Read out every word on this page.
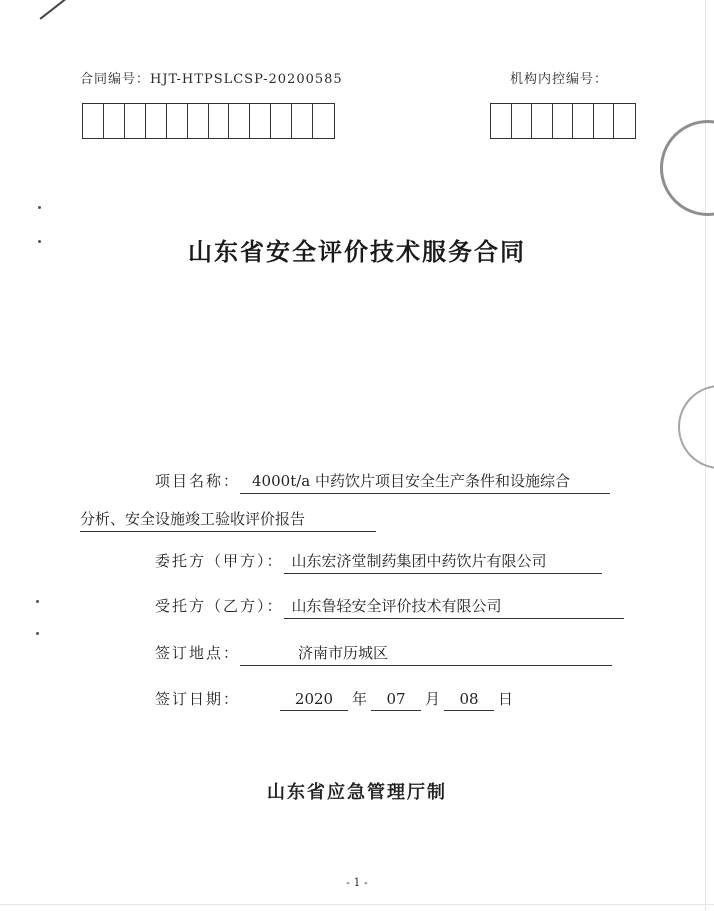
合同编号：HJT-HTPSLCSP-20200585	机构内控编号：
山东省安全评价技术服务合同
项目名称： 4000t/a 中药饮片项目安全生产条件和设施综合
分析、安全设施竣工验收评价报告
委托方（甲方）： 山东宏济堂制药集团中药饮片有限公司
受托方（乙方）： 山东鲁轻安全评价技术有限公司
签订地点：	济南市历城区
签订日期：	2020 年 07 月 08 日
山东省应急管理厅制
- 1 -
